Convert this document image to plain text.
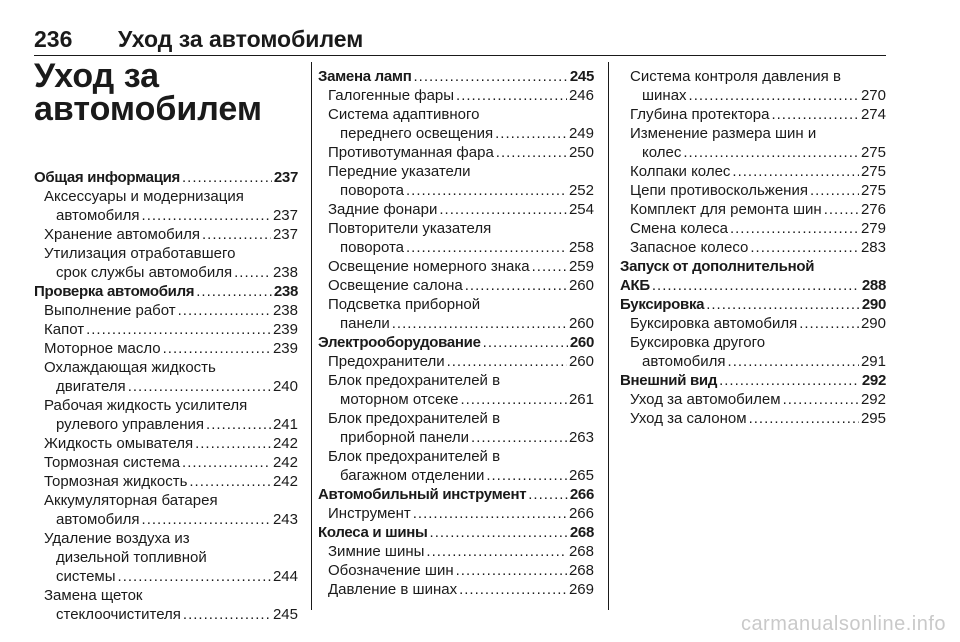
236 Уход за автомобилем
Уход за
автомобилем
Общая информация .....	237
Аксессуары и модернизация
автомобиля .....	237
Хранение автомобиля .....	237
Утилизация отработавшего
срок службы автомобиля .....	238
Проверка автомобиля .....	238
Выполнение работ .....	238
Капот .....	239
Моторное масло .....	239
Охлаждающая жидкость
двигателя .....	240
Рабочая жидкость усилителя
рулевого управления .....	241
Жидкость омывателя .....	242
Тормозная система .....	242
Тормозная жидкость .....	242
Аккумуляторная батарея
автомобиля .....	243
Удаление воздуха из
дизельной топливной
системы .....	244
Замена щеток
стеклоочистителя .....	245
Замена ламп .....	245
Галогенные фары .....	246
Система адаптивного
переднего освещения .....	249
Противотуманная фара .....	250
Передние указатели
поворота .....	252
Задние фонари .....	254
Повторители указателя
поворота .....	258
Освещение номерного знака .....	259
Освещение салона .....	260
Подсветка приборной
панели .....	260
Электрооборудование .....	260
Предохранители .....	260
Блок предохранителей в
моторном отсеке .....	261
Блок предохранителей в
приборной панели .....	263
Блок предохранителей в
багажном отделении .....	265
Автомобильный инструмент .....	266
Инструмент .....	266
Колеса и шины .....	268
Зимние шины .....	268
Обозначение шин .....	268
Давление в шинах .....	269
Система контроля давления в
шинах .....	270
Глубина протектора .....	274
Изменение размера шин и
колес .....	275
Колпаки колес .....	275
Цепи противоскольжения .....	275
Комплект для ремонта шин .....	276
Смена колеса .....	279
Запасное колесо .....	283
Запуск от дополнительной
АКБ .....	288
Буксировка .....	290
Буксировка автомобиля .....	290
Буксировка другого
автомобиля .....	291
Внешний вид .....	292
Уход за автомобилем .....	292
Уход за салоном .....	295
carmanualsonline.info
